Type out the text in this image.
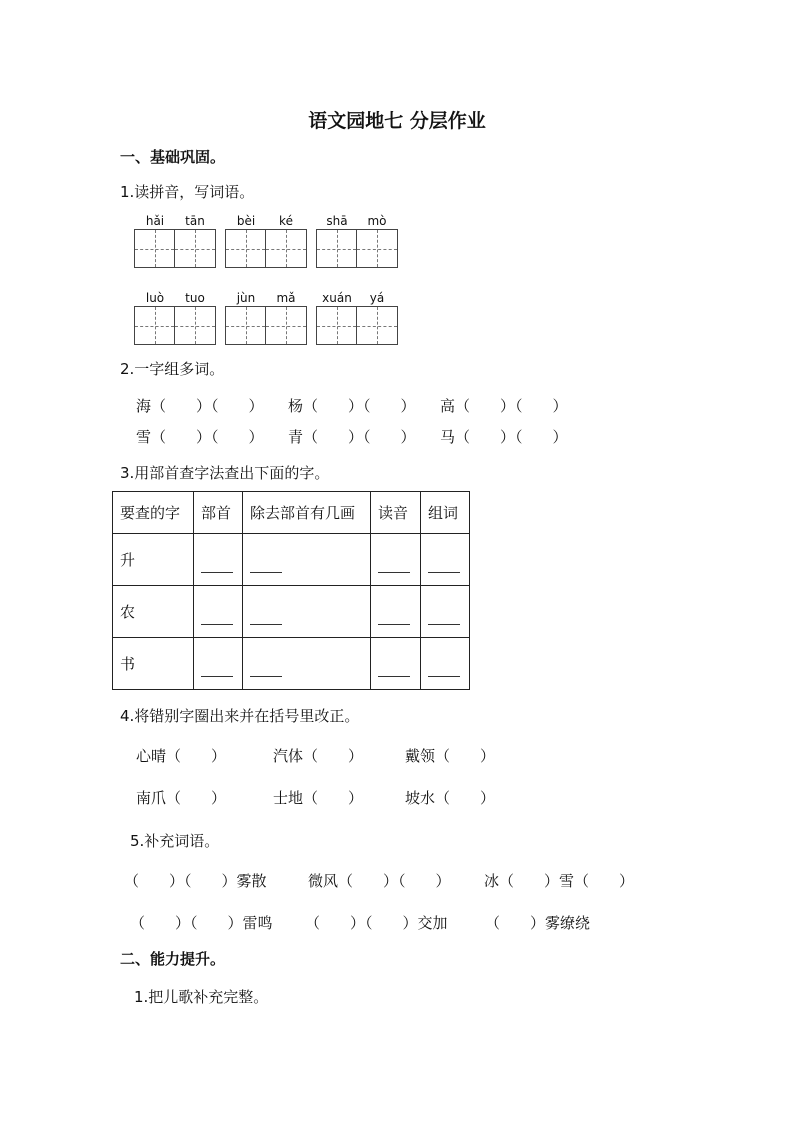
语文园地七 分层作业
一、基础巩固。
1.读拼音，写词语。
hǎi	tān	bèi	ké	shā	mò
luò	tuo	jùn	mǎ	xuán	yá
2.一字组多词。
海（　　）（　　） 杨（　　）（　　） 高（　　）（　　）
雪（　　）（　　） 青（　　）（　　） 马（　　）（　　）
3.用部首查字法查出下面的字。
要查的字	部首	除去部首有几画	读音	组词
升				
农				
书				
4.将错别字圈出来并在括号里改正。
心晴（　　）	汽体（　　）	戴领（　　）
南爪（　　）	士地（　　）	坡水（　　）
5.补充词语。
（　　）（　　）雾散	微风（　　）（　　） 冰（　　）雪（　　）
（　　）（　　）雷鸣 （　　）（　　）交加 （　　）雾缭绕
二、能力提升。
1.把儿歌补充完整。
